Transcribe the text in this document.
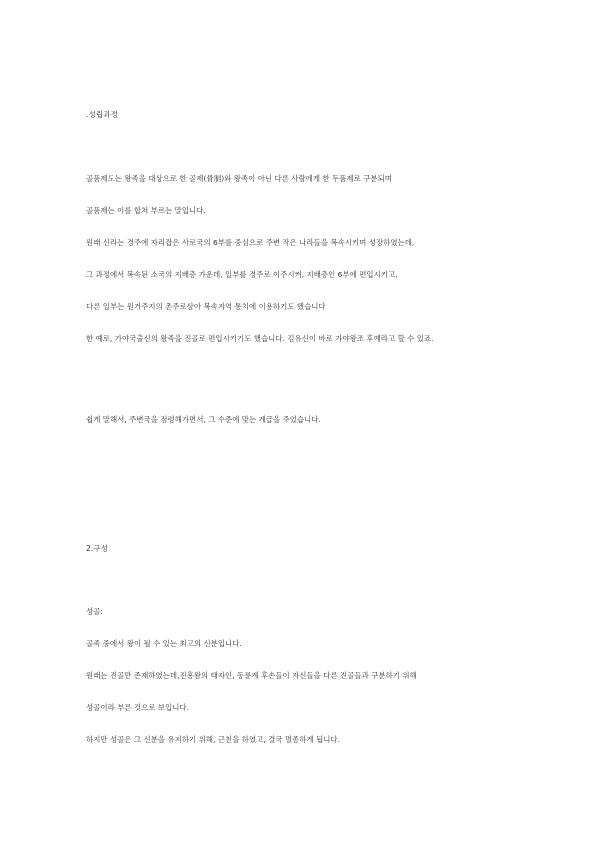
.성립과정
골품제도는 왕족을 대상으로 한 골제(骨制)와 왕족이 아닌 다른 사람에게 한 두품제로 구분되며
골품제는 이를 합쳐 부르는 말입니다.
원래 신라는 경주에 자리잡은 사로국의 6부를 중심으로 주변 작은 나라들을 복속시키며 성장하였는데,
그 과정에서 복속된 소국의 지배층 가운데, 일부를 경주로 이주시켜, 지배층인 6부에 편입시키고,
다른 일부는 원거주지의 촌주로삼아 복속지역 통치에 이용하기도 했습니다
한 예로, 가야국출신의 왕족을 진골로 편입시키기도 했습니다. 김유신이 바로 가야왕조 후예라고 할 수 있죠.
쉽게 말해서, 주변국을 점령해가면서, 그 수준에 맞는 계급을 주었습니다.
2.구성
성골:
골족 중에서 왕이 될 수 있는 최고의 신분입니다.
원래는 진골만 존재하였는데,진흥왕의 태자인, 동륜계 후손들이 자신들을 다른 진골들과 구분하기 위해
성골이라 부른 것으로 보입니다.
하지만 성골은 그 신분을 유지하기 위해, 근친을 하였고, 결국 멸종하게 됩니다.
